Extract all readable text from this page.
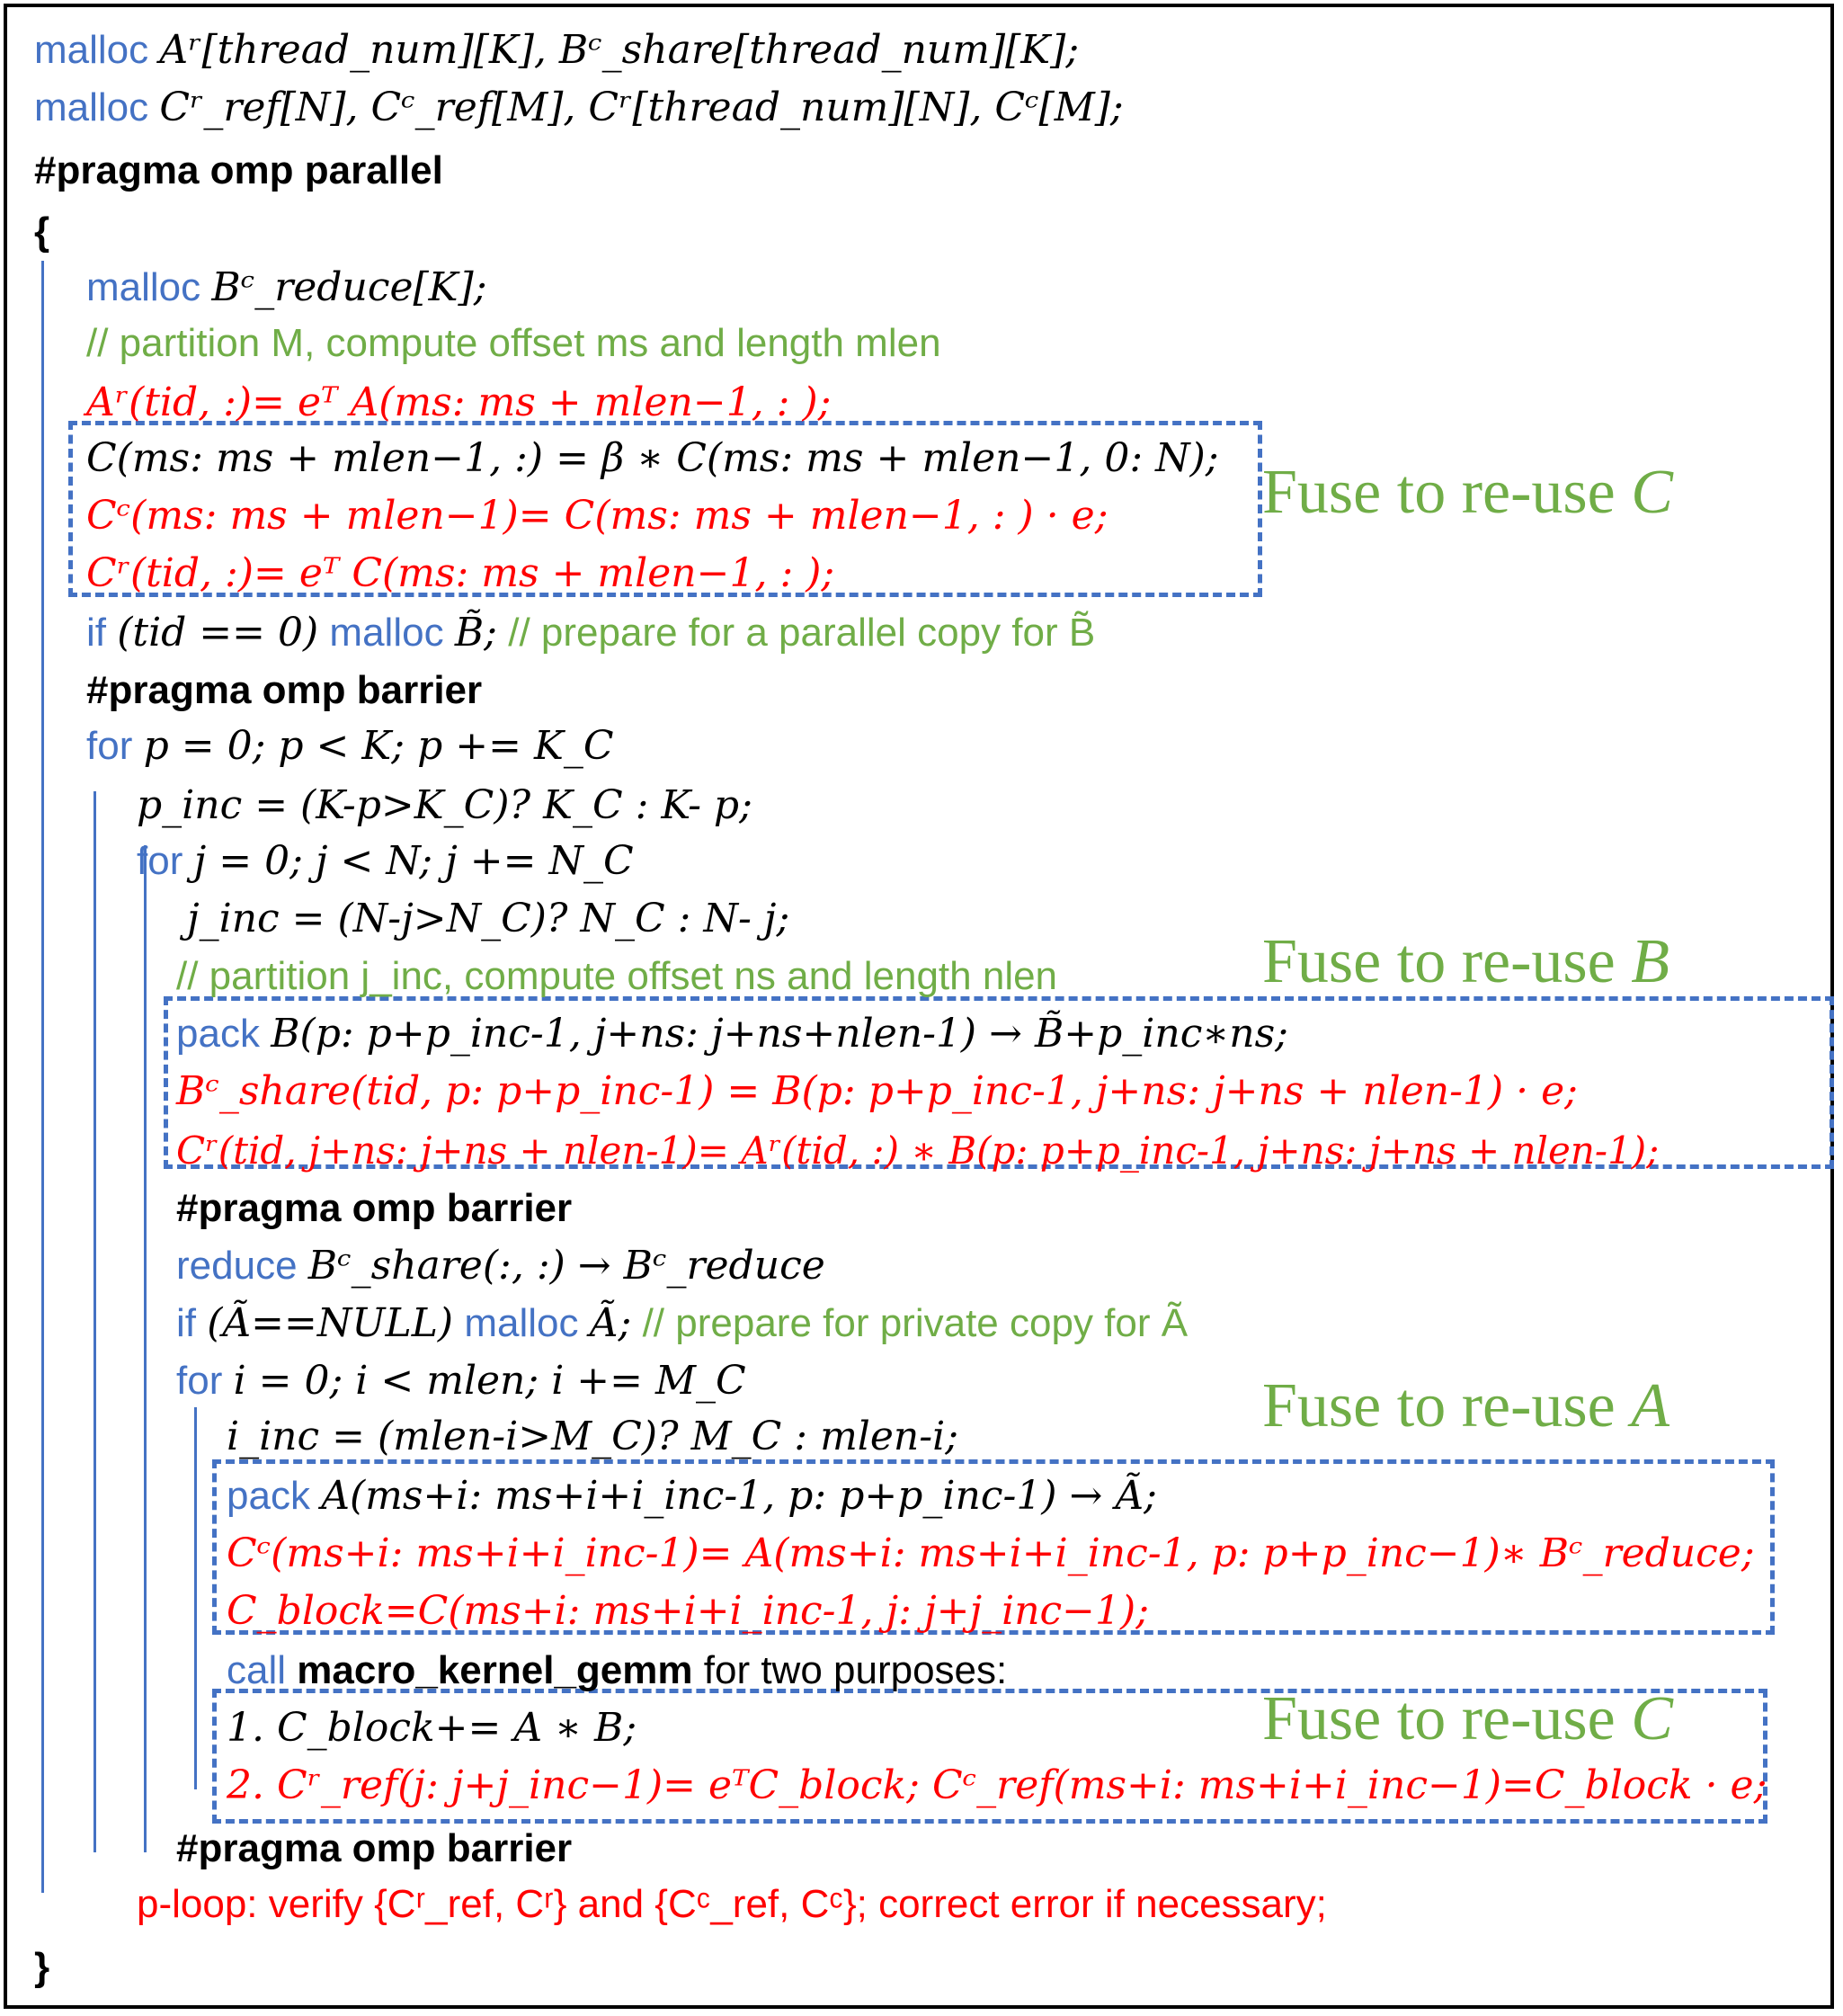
malloc Aʳ[thread_num][K], Bᶜ_share[thread_num][K];
malloc Cʳ_ref[N], Cᶜ_ref[M], Cʳ[thread_num][N], Cᶜ[M];
#pragma omp parallel
{
malloc Bᶜ_reduce[K];
// partition M, compute offset ms and length mlen
Aʳ(tid, :)= eᵀ A(ms: ms + mlen−1, : );
C(ms: ms + mlen−1, :) = β ∗ C(ms: ms + mlen−1, 0: N);
Cᶜ(ms: ms + mlen−1)= C(ms: ms + mlen−1, : ) · e;
Cʳ(tid, :)= eᵀ C(ms: ms + mlen−1, : );
if (tid == 0) malloc B̃; // prepare for a parallel copy for B̃
#pragma omp barrier
for p = 0; p < K; p += K_C
p_inc = (K-p>K_C)? K_C : K- p;
for j = 0; j < N; j += N_C
j_inc = (N-j>N_C)? N_C : N- j;
// partition j_inc, compute offset ns and length nlen
pack B(p: p+p_inc-1, j+ns: j+ns+nlen-1) → B̃+p_inc∗ns;
Bᶜ_share(tid, p: p+p_inc-1) = B(p: p+p_inc-1, j+ns: j+ns + nlen-1) · e;
Cʳ(tid, j+ns: j+ns + nlen-1)= Aʳ(tid, :) ∗ B(p: p+p_inc-1, j+ns: j+ns + nlen-1);
#pragma omp barrier
reduce Bᶜ_share(:, :) → Bᶜ_reduce
if (Ã==NULL) malloc Ã; // prepare for private copy for Ã
for i = 0; i < mlen; i += M_C
i_inc = (mlen-i>M_C)? M_C : mlen-i;
pack A(ms+i: ms+i+i_inc-1, p: p+p_inc-1) → Ã;
Cᶜ(ms+i: ms+i+i_inc-1)= A(ms+i: ms+i+i_inc-1, p: p+p_inc−1)∗ Bᶜ_reduce;
C_block=C(ms+i: ms+i+i_inc-1, j: j+j_inc−1);
call macro_kernel_gemm for two purposes:
1. C_block+= A ∗ B;
2. Cʳ_ref(j: j+j_inc−1)= eᵀC_block; Cᶜ_ref(ms+i: ms+i+i_inc−1)=C_block · e;
#pragma omp barrier
p-loop: verify {Cʳ_ref, Cʳ} and {Cᶜ_ref, Cᶜ}; correct error if necessary;
}
Fuse to re-use C
Fuse to re-use B
Fuse to re-use A
Fuse to re-use C
